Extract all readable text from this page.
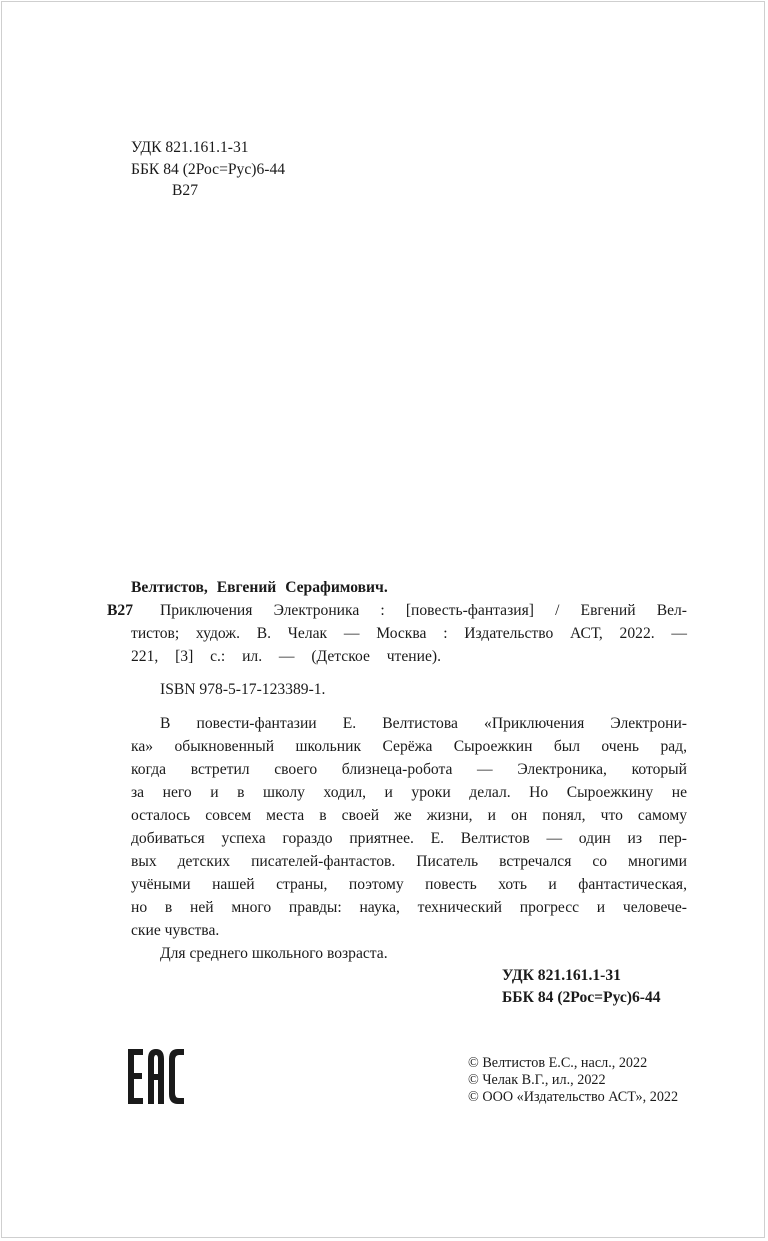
УДК 821.161.1-31
ББК 84 (2Рос=Рус)6-44
В27
Велтистов, Евгений Серафимович.
В27 Приключения Электроника : [повесть-фантазия] / Евгений Вел-
тистов; худож. В. Челак — Москва : Издательство АСТ, 2022. —
221, [3] с.: ил. — (Детское чтение).
ISBN 978-5-17-123389-1.
В повести-фантазии Е. Велтистова «Приключения Электрони-
ка» обыкновенный школьник Серёжа Сыроежкин был очень рад,
когда встретил своего близнеца-робота — Электроника, который
за него и в школу ходил, и уроки делал. Но Сыроежкину не
осталось совсем места в своей же жизни, и он понял, что самому
добиваться успеха гораздо приятнее. Е. Велтистов — один из пер-
вых детских писателей-фантастов. Писатель встречался со многими
учёными нашей страны, поэтому повесть хоть и фантастическая,
но в ней много правды: наука, технический прогресс и человече-
ские чувства.
Для среднего школьного возраста.
УДК 821.161.1-31
ББК 84 (2Рос=Рус)6-44
© Велтистов Е.С., насл., 2022
© Челак В.Г., ил., 2022
© ООО «Издательство АСТ», 2022
